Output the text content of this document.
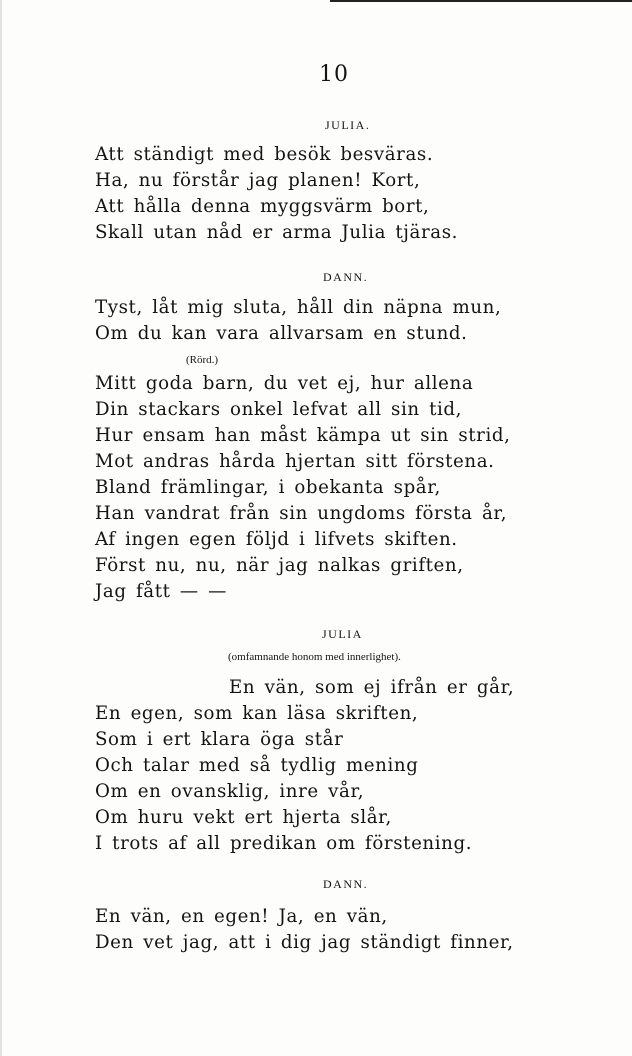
10
JULIA.
Att ständigt med besök besväras.
Ha, nu förstår jag planen! Kort,
Att hålla denna myggsvärm bort,
Skall utan nåd er arma Julia tjäras.
DANN.
Tyst, låt mig sluta, håll din näpna mun,
Om du kan vara allvarsam en stund.
(Rörd.)
Mitt goda barn, du vet ej, hur allena
Din stackars onkel lefvat all sin tid,
Hur ensam han måst kämpa ut sin strid,
Mot andras hårda hjertan sitt förstena.
Bland främlingar, i obekanta spår,
Han vandrat från sin ungdoms första år,
Af ingen egen följd i lifvets skiften.
Först nu, nu, när jag nalkas griften,
Jag fått — —
JULIA
(omfamnande honom med innerlighet).
En vän, som ej ifrån er går,
En egen, som kan läsa skriften,
Som i ert klara öga står
Och talar med så tydlig mening
Om en ovansklig, inre vår,
Om huru vekt ert hjerta slår,
I trots af all predikan om förstening.
DANN.
En vän, en egen! Ja, en vän,
Den vet jag, att i dig jag ständigt finner,
